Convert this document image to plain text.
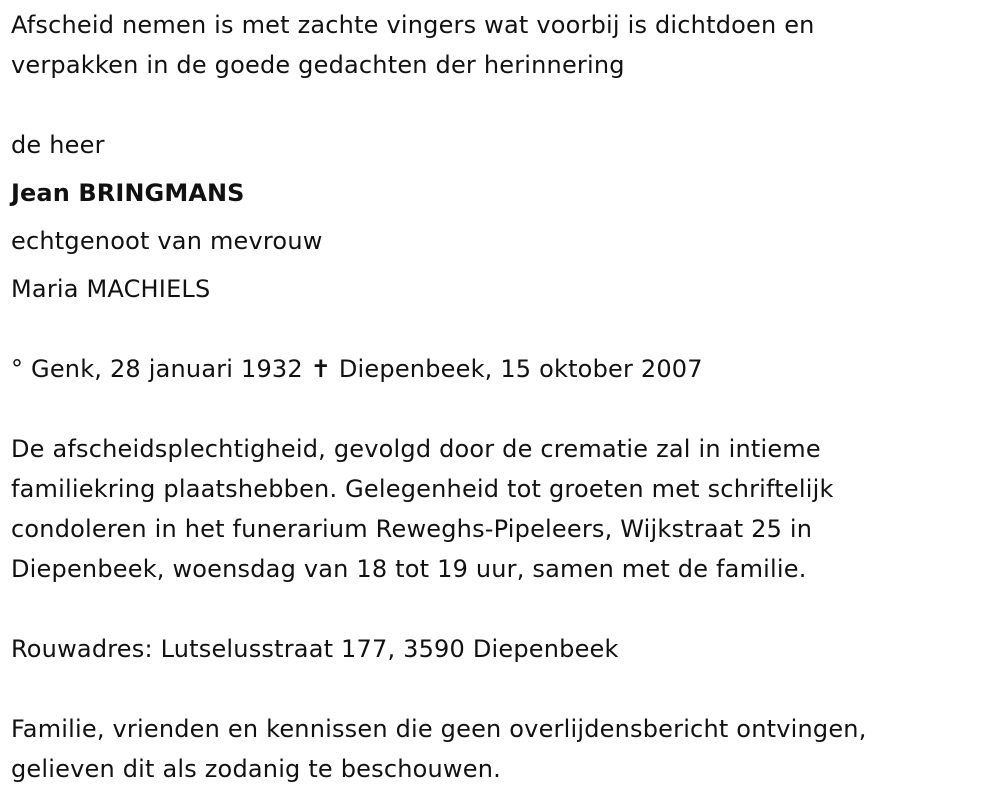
Afscheid nemen is met zachte vingers wat voorbij is dichtdoen en
verpakken in de goede gedachten der herinnering
de heer
Jean BRINGMANS
echtgenoot van mevrouw
Maria MACHIELS
° Genk, 28 januari 1932 ✝ Diepenbeek, 15 oktober 2007
De afscheidsplechtigheid, gevolgd door de crematie zal in intieme
familiekring plaatshebben. Gelegenheid tot groeten met schriftelijk
condoleren in het funerarium Reweghs-Pipeleers, Wijkstraat 25 in
Diepenbeek, woensdag van 18 tot 19 uur, samen met de familie.
Rouwadres: Lutselusstraat 177, 3590 Diepenbeek
Familie, vrienden en kennissen die geen overlijdensbericht ontvingen,
gelieven dit als zodanig te beschouwen.
